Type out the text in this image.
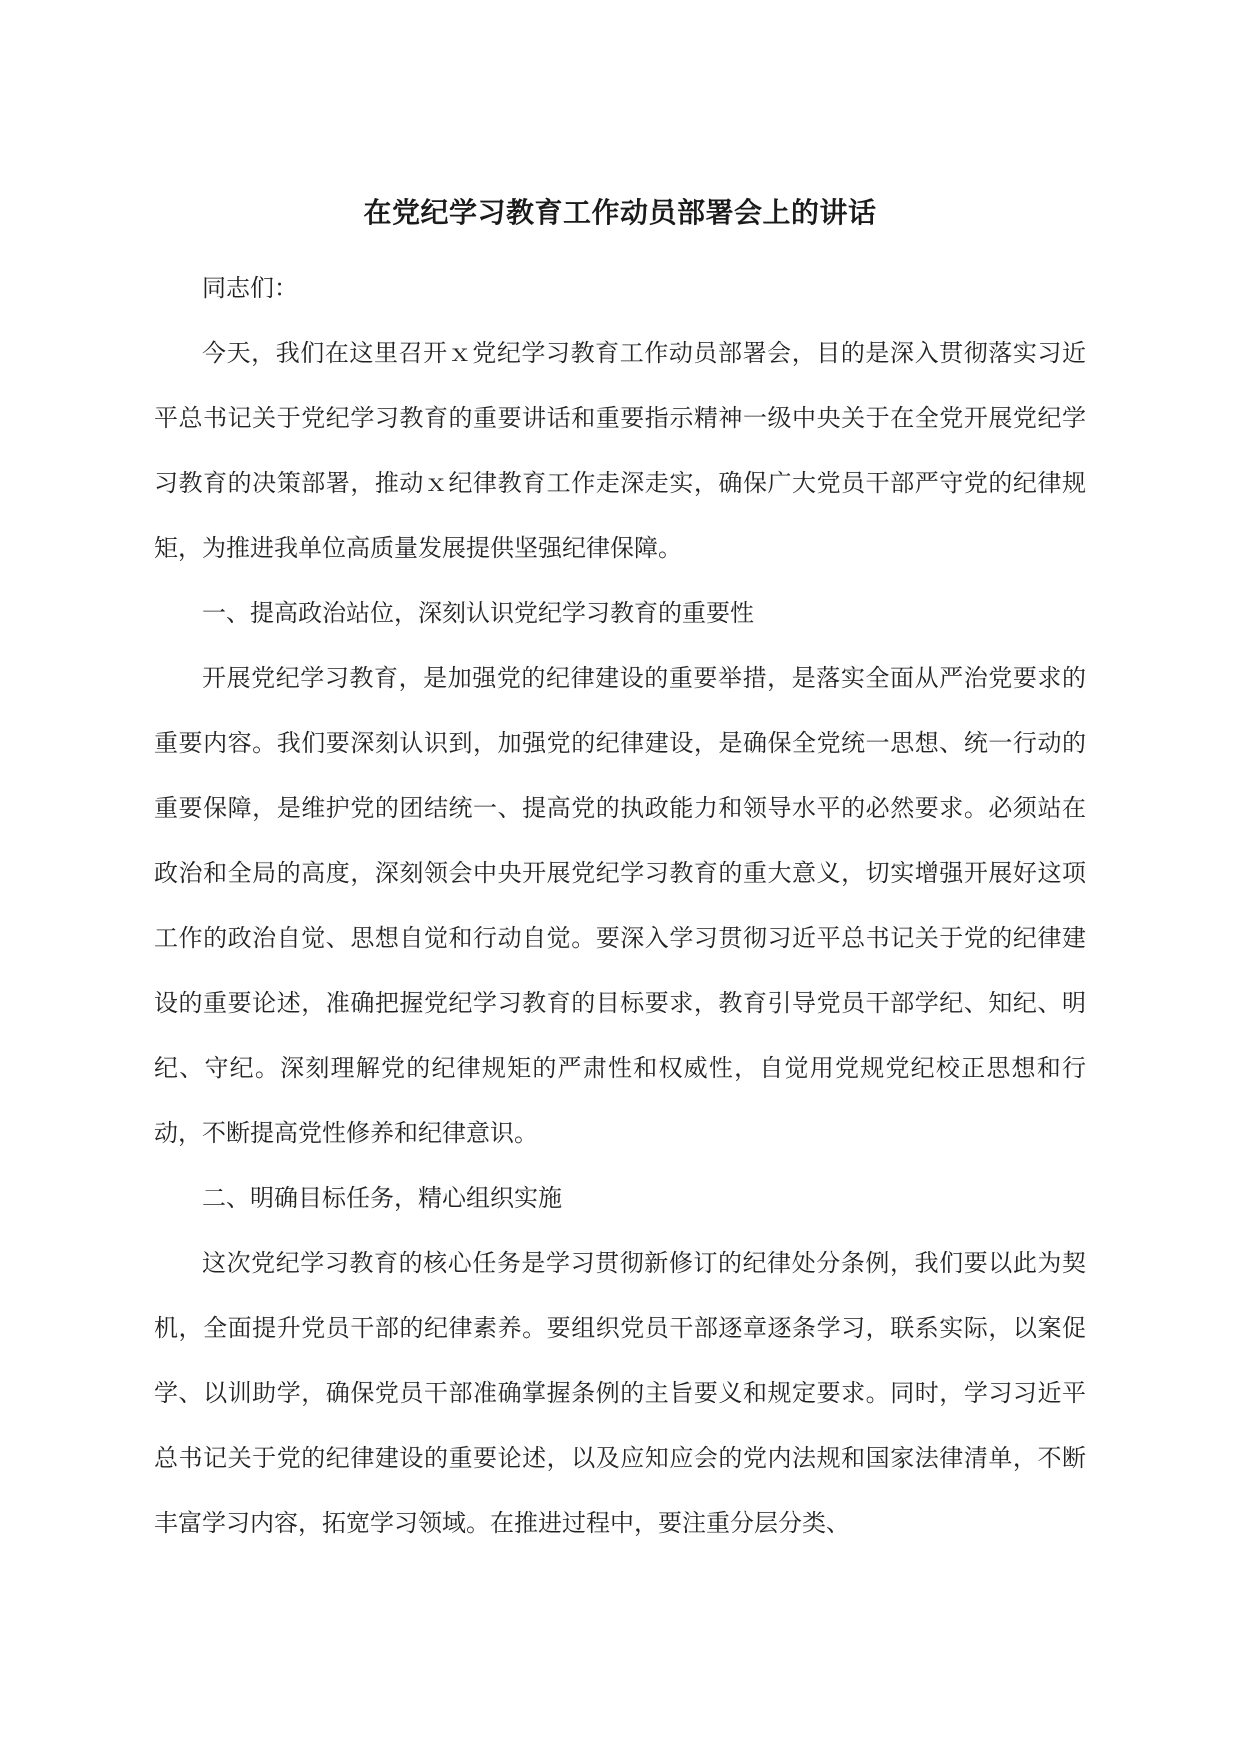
在党纪学习教育工作动员部署会上的讲话

同志们：

今天，我们在这里召开ｘ党纪学习教育工作动员部署会，目的是深入贯彻落实习近平总书记关于党纪学习教育的重要讲话和重要指示精神一级中央关于在全党开展党纪学习教育的决策部署，推动ｘ纪律教育工作走深走实，确保广大党员干部严守党的纪律规矩，为推进我单位高质量发展提供坚强纪律保障。

一、提高政治站位，深刻认识党纪学习教育的重要性

开展党纪学习教育，是加强党的纪律建设的重要举措，是落实全面从严治党要求的重要内容。我们要深刻认识到，加强党的纪律建设，是确保全党统一思想、统一行动的重要保障，是维护党的团结统一、提高党的执政能力和领导水平的必然要求。必须站在政治和全局的高度，深刻领会中央开展党纪学习教育的重大意义，切实增强开展好这项工作的政治自觉、思想自觉和行动自觉。要深入学习贯彻习近平总书记关于党的纪律建设的重要论述，准确把握党纪学习教育的目标要求，教育引导党员干部学纪、知纪、明纪、守纪。深刻理解党的纪律规矩的严肃性和权威性，自觉用党规党纪校正思想和行动，不断提高党性修养和纪律意识。

二、明确目标任务，精心组织实施

这次党纪学习教育的核心任务是学习贯彻新修订的纪律处分条例，我们要以此为契机，全面提升党员干部的纪律素养。要组织党员干部逐章逐条学习，联系实际，以案促学、以训助学，确保党员干部准确掌握条例的主旨要义和规定要求。同时，学习习近平总书记关于党的纪律建设的重要论述，以及应知应会的党内法规和国家法律清单，不断丰富学习内容，拓宽学习领域。在推进过程中，要注重分层分类、
